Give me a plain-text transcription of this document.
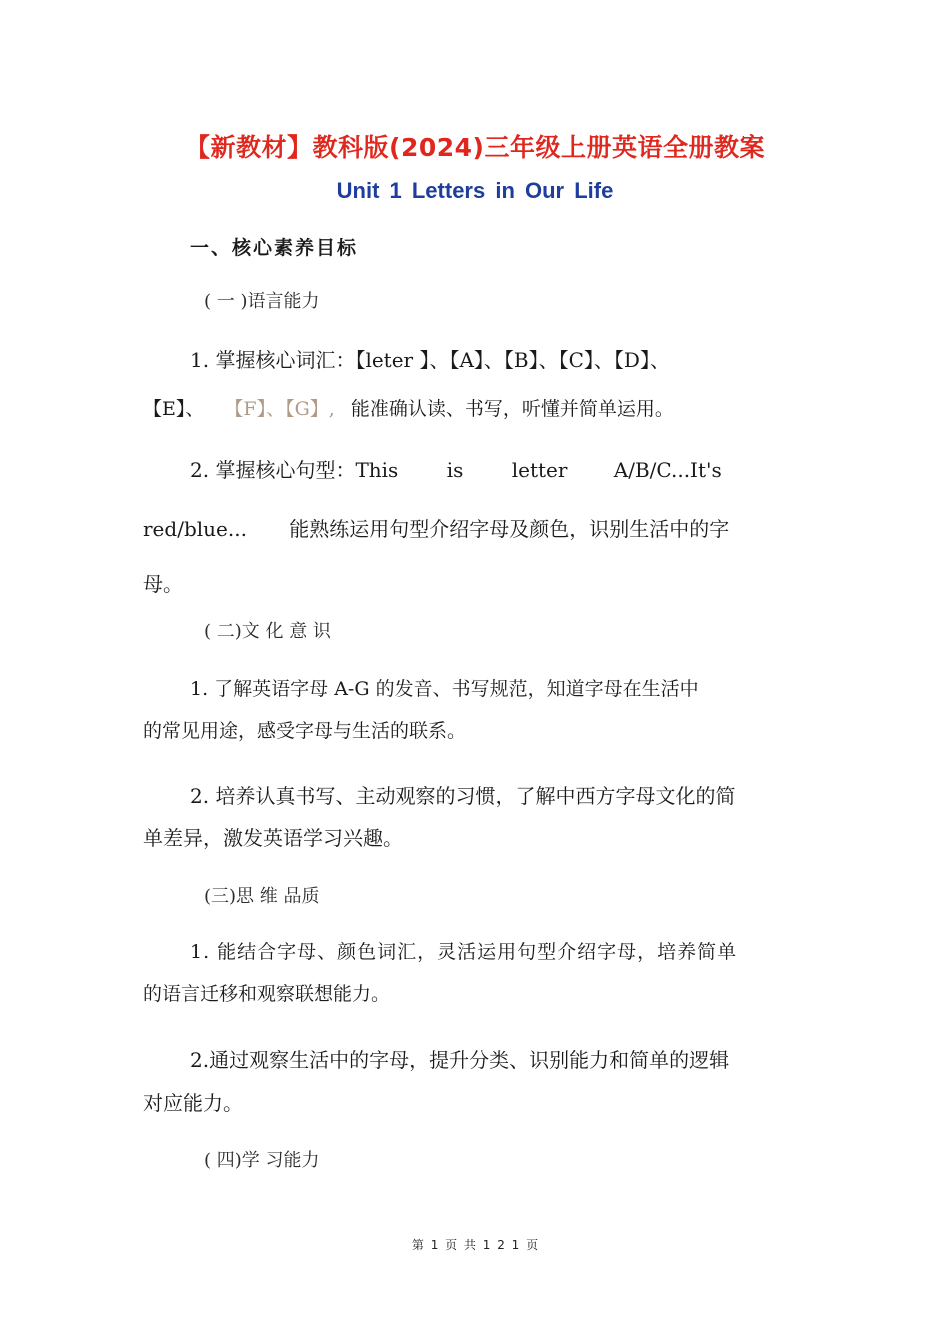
【新教材】教科版(2024)三年级上册英语全册教案
Unit 1 Letters in Our Life
一、核心素养目标
( 一 )语言能力
1. 掌握核心词汇：【leter 】、【A】、【B】、【C】、【D】、
【E】、 【F】、【G】, 能准确认读、书写，听懂并简单运用。
2. 掌握核心句型：This is letter A/B/C...It's
red/blue... 能熟练运用句型介绍字母及颜色，识别生活中的字
母。
( 二)文 化 意 识
1. 了解英语字母 A-G 的发音、书写规范，知道字母在生活中
的常见用途，感受字母与生活的联系。
2. 培养认真书写、主动观察的习惯，了解中西方字母文化的简
单差异，激发英语学习兴趣。
(三)思 维 品质
1. 能结合字母、颜色词汇，灵活运用句型介绍字母，培养简单
的语言迁移和观察联想能力。
2.通过观察生活中的字母，提升分类、识别能力和简单的逻辑
对应能力。
( 四)学 习能力
第 1 页 共 1 2 1 页
